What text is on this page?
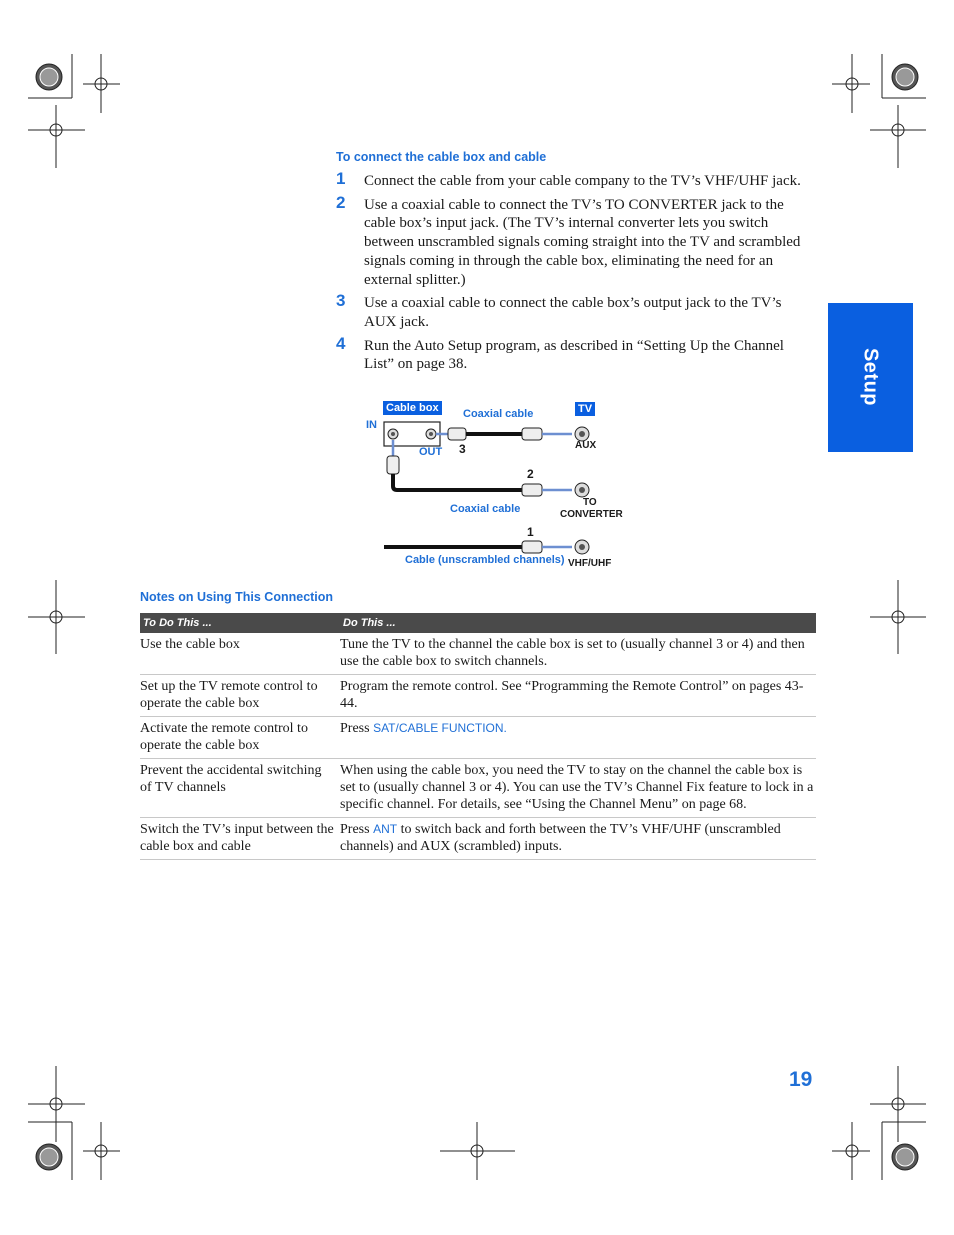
To connect the cable box and cable
1 Connect the cable from your cable company to the TV’s VHF/UHF jack.
2 Use a coaxial cable to connect the TV’s TO CONVERTER jack to the cable box’s input jack. (The TV’s internal converter lets you switch between unscrambled signals coming straight into the TV and scrambled signals coming in through the cable box, eliminating the need for an external splitter.)
3 Use a coaxial cable to connect the cable box’s output jack to the TV’s AUX jack.
4 Run the Auto Setup program, as described in “Setting Up the Channel List” on page 38.	Setup
Cable box	TV
IN
OUT
Coaxial cable
AUX
3
2
TO
CONVERTER
Coaxial cable
1
Cable (unscrambled channels) VHF/UHF
Notes on Using This Connection
To Do This ...	Do This ...
Use the cable box	Tune the TV to the channel the cable box is set to (usually channel 3 or 4) and then use the cable box to switch channels.
Set up the TV remote control to operate the cable box	Program the remote control. See “Programming the Remote Control” on pages 43-44.
Activate the remote control to operate the cable box	Press SAT/CABLE FUNCTION.
Prevent the accidental switching of TV channels	When using the cable box, you need the TV to stay on the channel the cable box is set to (usually channel 3 or 4). You can use the TV’s Channel Fix feature to lock in a specific channel. For details, see “Using the Channel Menu” on page 68.
Switch the TV’s input between the cable box and cable	Press ANT to switch back and forth between the TV’s VHF/UHF (unscrambled channels) and AUX (scrambled) inputs.
19
